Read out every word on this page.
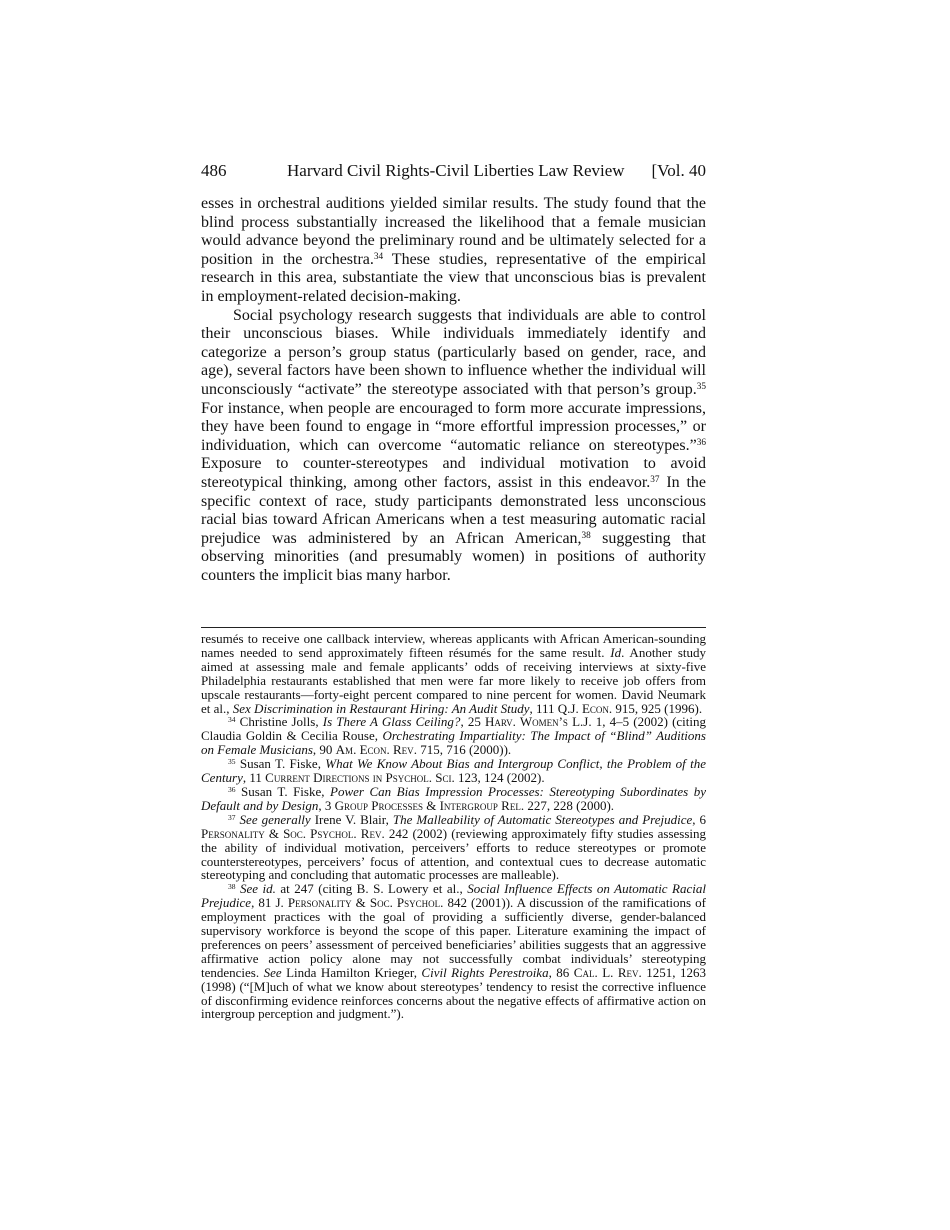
486	Harvard Civil Rights-Civil Liberties Law Review [Vol. 40

esses in orchestral auditions yielded similar results. The study found that the blind process substantially increased the likelihood that a female musician would advance beyond the preliminary round and be ultimately selected for a position in the orchestra.$^{34}$ These studies, representative of the empirical research in this area, substantiate the view that unconscious bias is prevalent in employment-related decision-making.

Social psychology research suggests that individuals are able to control their unconscious biases. While individuals immediately identify and categorize a person’s group status (particularly based on gender, race, and age), several factors have been shown to influence whether the individual will unconsciously “activate” the stereotype associated with that person’s group.$^{35}$ For instance, when people are encouraged to form more accurate impressions, they have been found to engage in “more effortful impression processes,” or individuation, which can overcome “automatic reliance on stereotypes.”$^{36}$ Exposure to counter-stereotypes and individual motivation to avoid stereotypical thinking, among other factors, assist in this endeavor.$^{37}$ In the specific context of race, study participants demonstrated less unconscious racial bias toward African Americans when a test measuring automatic racial prejudice was administered by an African American,$^{38}$ suggesting that observing minorities (and presumably women) in positions of authority counters the implicit bias many harbor.

resumés to receive one callback interview, whereas applicants with African American-sounding names needed to send approximately fifteen résumés for the same result. Id. Another study aimed at assessing male and female applicants’ odds of receiving interviews at sixty-five Philadelphia restaurants established that men were far more likely to receive job offers from upscale restaurants—forty-eight percent compared to nine percent for women. David Neumark et al., Sex Discrimination in Restaurant Hiring: An Audit Study, 111 Q.J. Econ. 915, 925 (1996).

$^{34}$ Christine Jolls, Is There A Glass Ceiling?, 25 Harv. Women’s L.J. 1, 4–5 (2002) (citing Claudia Goldin & Cecilia Rouse, Orchestrating Impartiality: The Impact of “Blind” Auditions on Female Musicians, 90 Am. Econ. Rev. 715, 716 (2000)).

$^{35}$ Susan T. Fiske, What We Know About Bias and Intergroup Conflict, the Problem of the Century, 11 Current Directions in Psychol. Sci. 123, 124 (2002).

$^{36}$ Susan T. Fiske, Power Can Bias Impression Processes: Stereotyping Subordinates by Default and by Design, 3 Group Processes & Intergroup Rel. 227, 228 (2000).

$^{37}$ See generally Irene V. Blair, The Malleability of Automatic Stereotypes and Prejudice, 6 Personality & Soc. Psychol. Rev. 242 (2002) (reviewing approximately fifty studies assessing the ability of individual motivation, perceivers’ efforts to reduce stereotypes or promote counterstereotypes, perceivers’ focus of attention, and contextual cues to decrease automatic stereotyping and concluding that automatic processes are malleable).

$^{38}$ See id. at 247 (citing B. S. Lowery et al., Social Influence Effects on Automatic Racial Prejudice, 81 J. Personality & Soc. Psychol. 842 (2001)). A discussion of the ramifications of employment practices with the goal of providing a sufficiently diverse, gender-balanced supervisory workforce is beyond the scope of this paper. Literature examining the impact of preferences on peers’ assessment of perceived beneficiaries’ abilities suggests that an aggressive affirmative action policy alone may not successfully combat individuals’ stereotyping tendencies. See Linda Hamilton Krieger, Civil Rights Perestroika, 86 Cal. L. Rev. 1251, 1263 (1998) (“[M]uch of what we know about stereotypes’ tendency to resist the corrective influence of disconfirming evidence reinforces concerns about the negative effects of affirmative action on intergroup perception and judgment.”).
